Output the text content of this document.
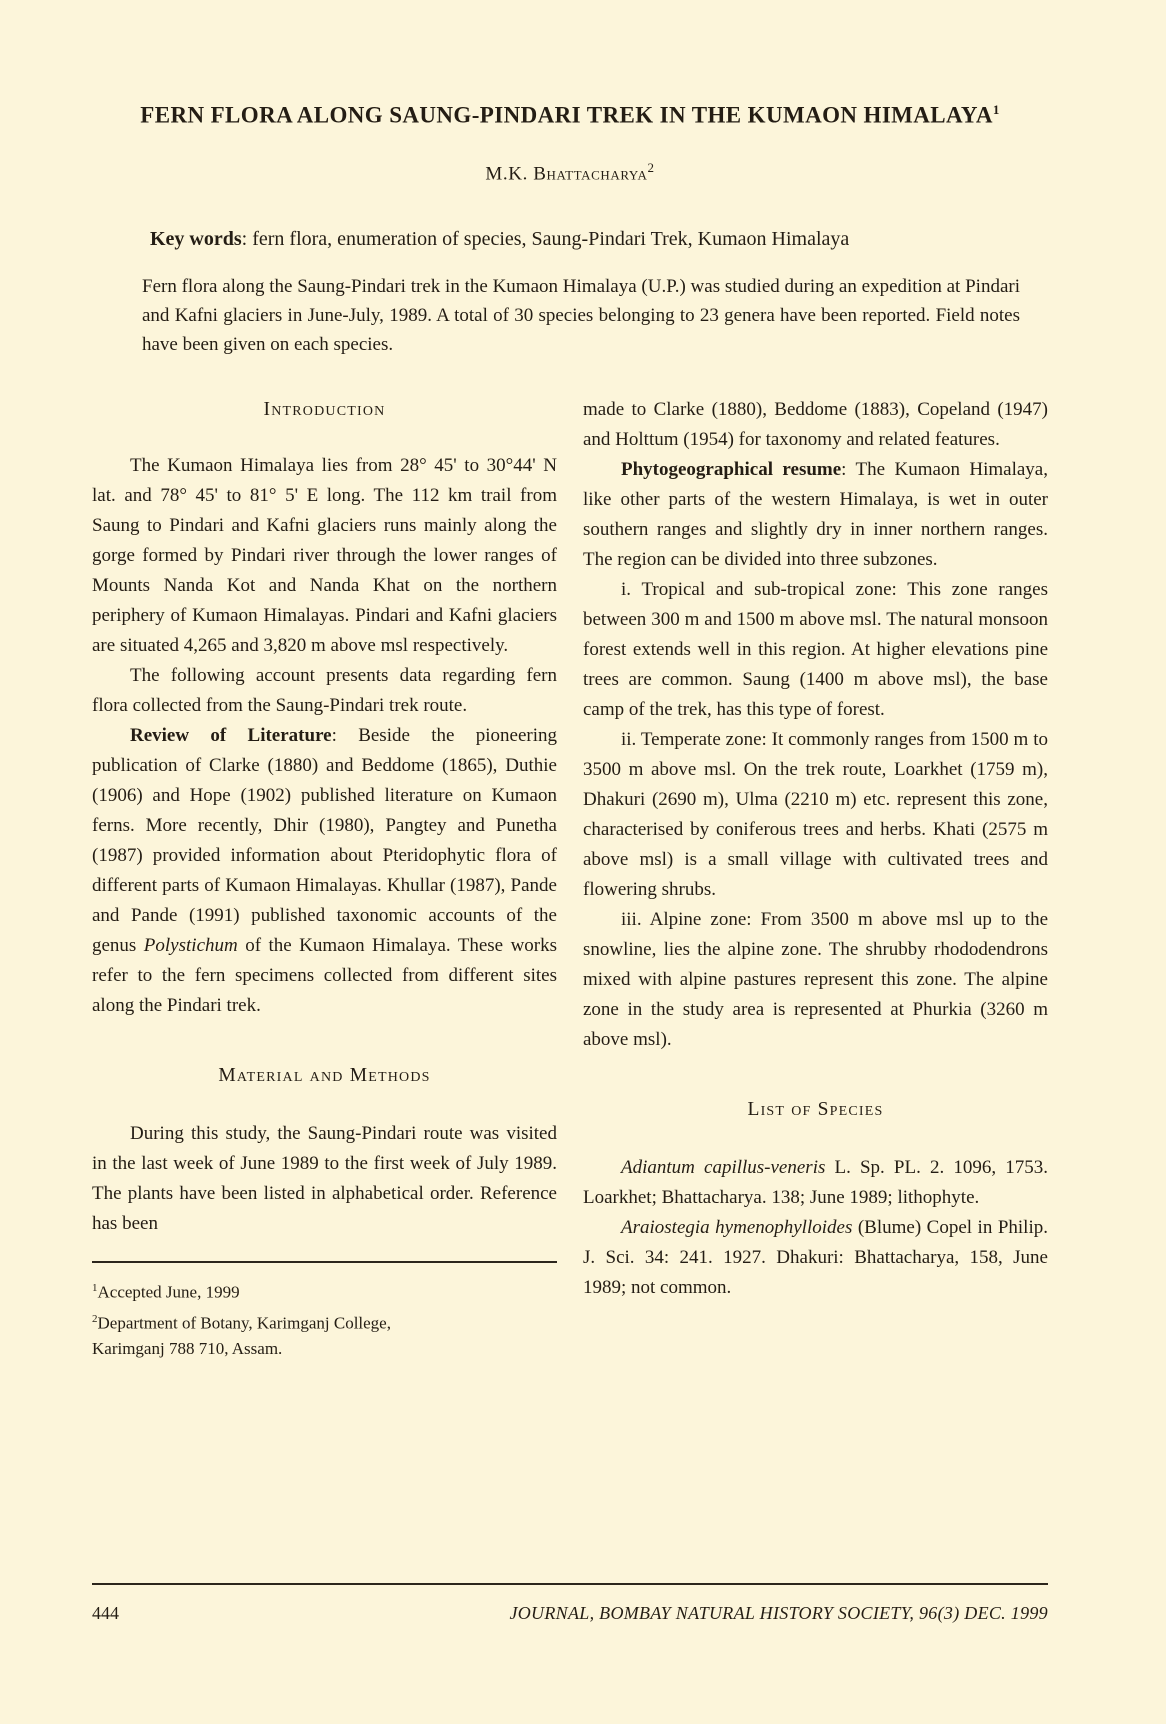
FERN FLORA ALONG SAUNG-PINDARI TREK IN THE KUMAON HIMALAYA$^1$
M.K. Bhattacharya$^2$

Key words: fern flora, enumeration of species, Saung-Pindari Trek, Kumaon Himalaya

Fern flora along the Saung-Pindari trek in the Kumaon Himalaya (U.P.) was studied during an expedition at Pindari and Kafni glaciers in June-July, 1989. A total of 30 species belonging to 23 genera have been reported. Field notes have been given on each species.

Introduction

The Kumaon Himalaya lies from 28° 45' to 30°44' N lat. and 78° 45' to 81° 5' E long. The 112 km trail from Saung to Pindari and Kafni glaciers runs mainly along the gorge formed by Pindari river through the lower ranges of Mounts Nanda Kot and Nanda Khat on the northern periphery of Kumaon Himalayas. Pindari and Kafni glaciers are situated 4,265 and 3,820 m above msl respectively.

The following account presents data regarding fern flora collected from the Saung-Pindari trek route.

Review of Literature: Beside the pioneering publication of Clarke (1880) and Beddome (1865), Duthie (1906) and Hope (1902) published literature on Kumaon ferns. More recently, Dhir (1980), Pangtey and Punetha (1987) provided information about Pteridophytic flora of different parts of Kumaon Himalayas. Khullar (1987), Pande and Pande (1991) published taxonomic accounts of the genus Polystichum of the Kumaon Himalaya. These works refer to the fern specimens collected from different sites along the Pindari trek.

Material and Methods

During this study, the Saung-Pindari route was visited in the last week of June 1989 to the first week of July 1989. The plants have been listed in alphabetical order. Reference has been

$^1$Accepted June, 1999

$^2$Department of Botany, Karimganj College,

Karimganj 788 710, Assam.

made to Clarke (1880), Beddome (1883), Copeland (1947) and Holttum (1954) for taxonomy and related features.

Phytogeographical resume: The Kumaon Himalaya, like other parts of the western Himalaya, is wet in outer southern ranges and slightly dry in inner northern ranges. The region can be divided into three subzones.

i. Tropical and sub-tropical zone: This zone ranges between 300 m and 1500 m above msl. The natural monsoon forest extends well in this region. At higher elevations pine trees are common. Saung (1400 m above msl), the base camp of the trek, has this type of forest.

ii. Temperate zone: It commonly ranges from 1500 m to 3500 m above msl. On the trek route, Loarkhet (1759 m), Dhakuri (2690 m), Ulma (2210 m) etc. represent this zone, characterised by coniferous trees and herbs. Khati (2575 m above msl) is a small village with cultivated trees and flowering shrubs.

iii. Alpine zone: From 3500 m above msl up to the snowline, lies the alpine zone. The shrubby rhododendrons mixed with alpine pastures represent this zone. The alpine zone in the study area is represented at Phurkia (3260 m above msl).

List of Species

Adiantum capillus-veneris L. Sp. PL. 2. 1096, 1753. Loarkhet; Bhattacharya. 138; June 1989; lithophyte.

Araiostegia hymenophylloides (Blume) Copel in Philip. J. Sci. 34: 241. 1927. Dhakuri: Bhattacharya, 158, June 1989; not common.

444	JOURNAL, BOMBAY NATURAL HISTORY SOCIETY, 96(3) DEC. 1999
